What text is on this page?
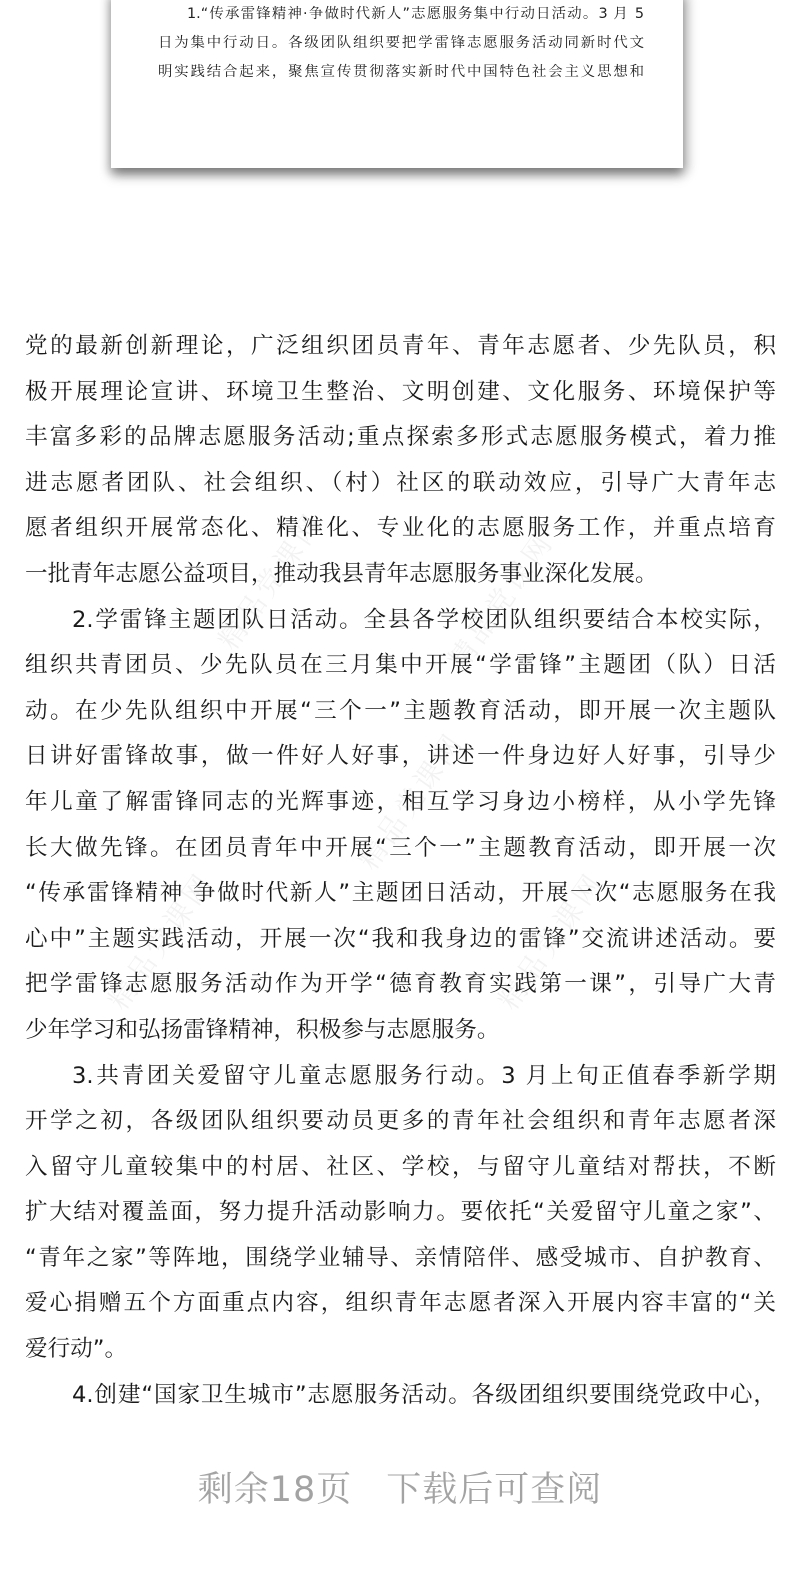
1.“传承雷锋精神·争做时代新人”志愿服务集中行动日活动。3 月 5
日为集中行动日。各级团队组织要把学雷锋志愿服务活动同新时代文
明实践结合起来，聚焦宣传贯彻落实新时代中国特色社会主义思想和
精品党课网	精品党课网
精品党课网
精品党课网	精品党课网
党的最新创新理论，广泛组织团员青年、青年志愿者、少先队员，积
极开展理论宣讲、环境卫生整治、文明创建、文化服务、环境保护等
丰富多彩的品牌志愿服务活动;重点探索多形式志愿服务模式，着力推
进志愿者团队、社会组织、（村）社区的联动效应，引导广大青年志
愿者组织开展常态化、精准化、专业化的志愿服务工作，并重点培育
一批青年志愿公益项目，推动我县青年志愿服务事业深化发展。
2.学雷锋主题团队日活动。全县各学校团队组织要结合本校实际，
组织共青团员、少先队员在三月集中开展“学雷锋”主题团（队）日活
动。在少先队组织中开展“三个一”主题教育活动，即开展一次主题队
日讲好雷锋故事，做一件好人好事，讲述一件身边好人好事，引导少
年儿童了解雷锋同志的光辉事迹，相互学习身边小榜样，从小学先锋
长大做先锋。在团员青年中开展“三个一”主题教育活动，即开展一次
“传承雷锋精神 争做时代新人”主题团日活动，开展一次“志愿服务在我
心中”主题实践活动，开展一次“我和我身边的雷锋”交流讲述活动。要
把学雷锋志愿服务活动作为开学“德育教育实践第一课”，引导广大青
少年学习和弘扬雷锋精神，积极参与志愿服务。
3.共青团关爱留守儿童志愿服务行动。3 月上旬正值春季新学期
开学之初，各级团队组织要动员更多的青年社会组织和青年志愿者深
入留守儿童较集中的村居、社区、学校，与留守儿童结对帮扶，不断
扩大结对覆盖面，努力提升活动影响力。要依托“关爱留守儿童之家”、
“青年之家”等阵地，围绕学业辅导、亲情陪伴、感受城市、自护教育、
爱心捐赠五个方面重点内容，组织青年志愿者深入开展内容丰富的“关
爱行动”。
4.创建“国家卫生城市”志愿服务活动。各级团组织要围绕党政中心，
剩余18页 下载后可查阅
